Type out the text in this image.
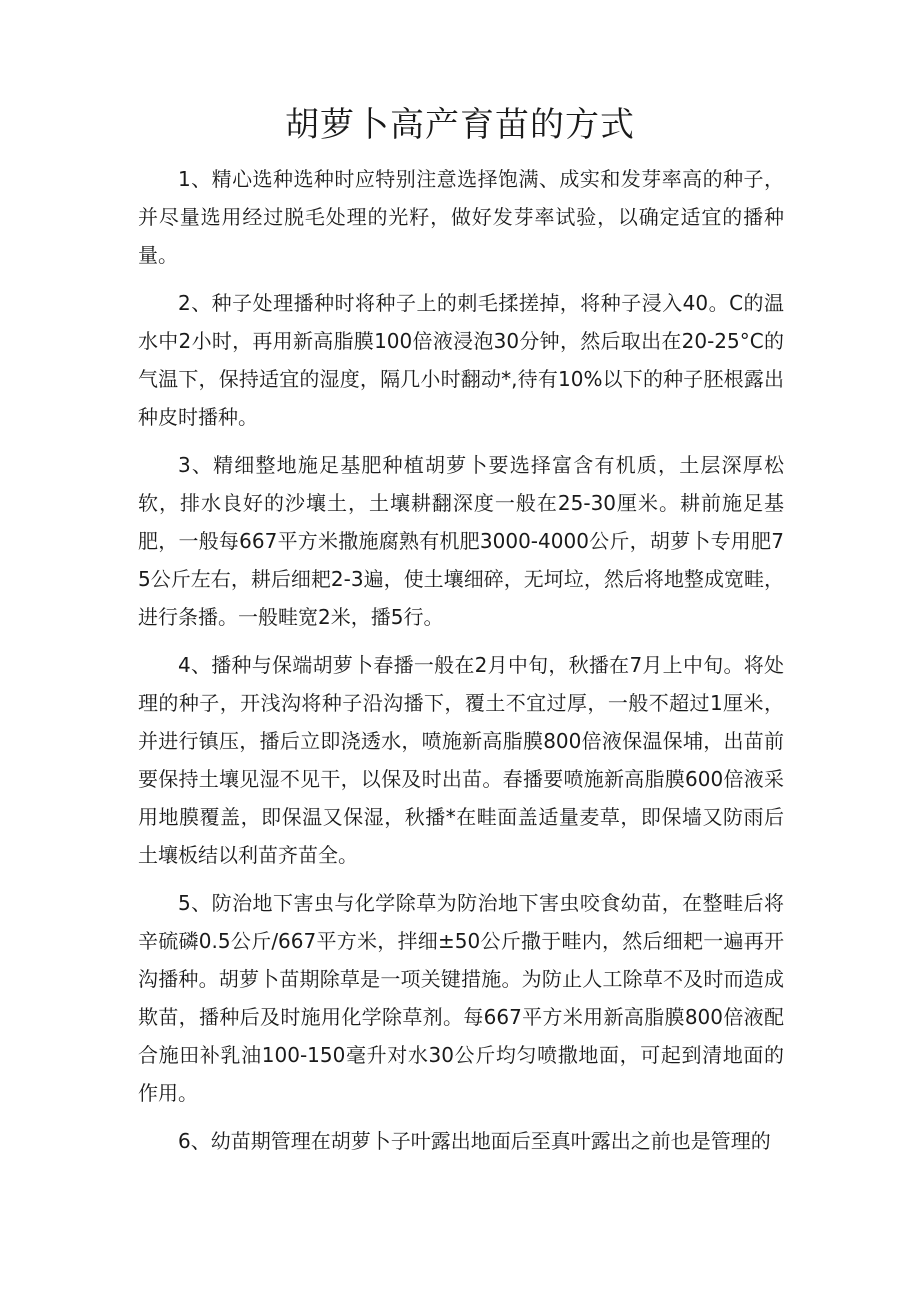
胡萝卜高产育苗的方式

1、精心选种选种时应特别注意选择饱满、成实和发芽率高的种子，并尽量选用经过脱毛处理的光籽，做好发芽率试验，以确定适宜的播种量。

2、种子处理播种时将种子上的刺毛揉搓掉，将种子浸入40。C的温水中2小时，再用新高脂膜100倍液浸泡30分钟，然后取出在20-25°C的气温下，保持适宜的湿度，隔几小时翻动*,待有10%以下的种子胚根露出种皮时播种。

3、精细整地施足基肥种植胡萝卜要选择富含有机质，土层深厚松软，排水良好的沙壤土，土壤耕翻深度一般在25-30厘米。耕前施足基肥，一般每667平方米撒施腐熟有机肥3000-4000公斤，胡萝卜专用肥75公斤左右，耕后细耙2-3遍，使土壤细碎，无坷垃，然后将地整成宽畦，进行条播。一般畦宽2米，播5行。

4、播种与保端胡萝卜春播一般在2月中旬，秋播在7月上中旬。将处理的种子，开浅沟将种子沿沟播下，覆土不宜过厚，一般不超过1厘米，并进行镇压，播后立即浇透水，喷施新高脂膜800倍液保温保埔，出苗前要保持土壤见湿不见干，以保及时出苗。春播要喷施新高脂膜600倍液采用地膜覆盖，即保温又保湿，秋播*在畦面盖适量麦草，即保墙又防雨后土壤板结以利苗齐苗全。

5、防治地下害虫与化学除草为防治地下害虫咬食幼苗，在整畦后将辛硫磷0.5公斤/667平方米，拌细±50公斤撒于畦内，然后细耙一遍再开沟播种。胡萝卜苗期除草是一项关键措施。为防止人工除草不及时而造成欺苗，播种后及时施用化学除草剂。每667平方米用新高脂膜800倍液配合施田补乳油100-150毫升对水30公斤均匀喷撒地面，可起到清地面的作用。

6、幼苗期管理在胡萝卜子叶露出地面后至真叶露出之前也是管理的
